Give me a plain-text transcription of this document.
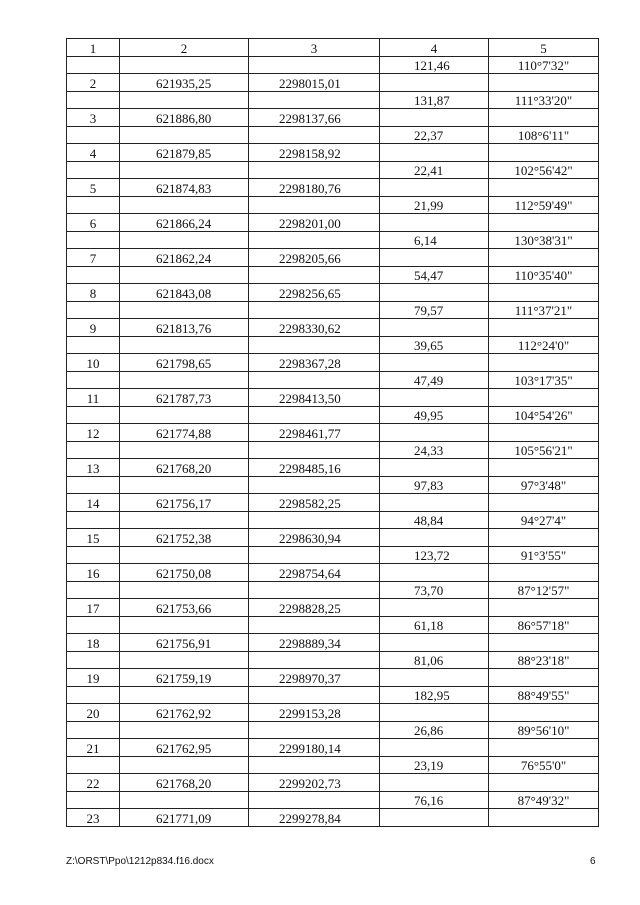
1	2	3	4	5
			121,46	110°7'32"
2	621935,25	2298015,01		
			131,87	111°33'20"
3	621886,80	2298137,66		
			22,37	108°6'11"
4	621879,85	2298158,92		
			22,41	102°56'42"
5	621874,83	2298180,76		
			21,99	112°59'49"
6	621866,24	2298201,00		
			6,14	130°38'31"
7	621862,24	2298205,66		
			54,47	110°35'40"
8	621843,08	2298256,65		
			79,57	111°37'21"
9	621813,76	2298330,62		
			39,65	112°24'0"
10	621798,65	2298367,28		
			47,49	103°17'35"
11	621787,73	2298413,50		
			49,95	104°54'26"
12	621774,88	2298461,77		
			24,33	105°56'21"
13	621768,20	2298485,16		
			97,83	97°3'48"
14	621756,17	2298582,25		
			48,84	94°27'4"
15	621752,38	2298630,94		
			123,72	91°3'55"
16	621750,08	2298754,64		
			73,70	87°12'57"
17	621753,66	2298828,25		
			61,18	86°57'18"
18	621756,91	2298889,34		
			81,06	88°23'18"
19	621759,19	2298970,37		
			182,95	88°49'55"
20	621762,92	2299153,28		
			26,86	89°56'10"
21	621762,95	2299180,14		
			23,19	76°55'0"
22	621768,20	2299202,73		
			76,16	87°49'32"
23	621771,09	2299278,84		
Z:\ORST\Ppo\1212p834.f16.docx	6
